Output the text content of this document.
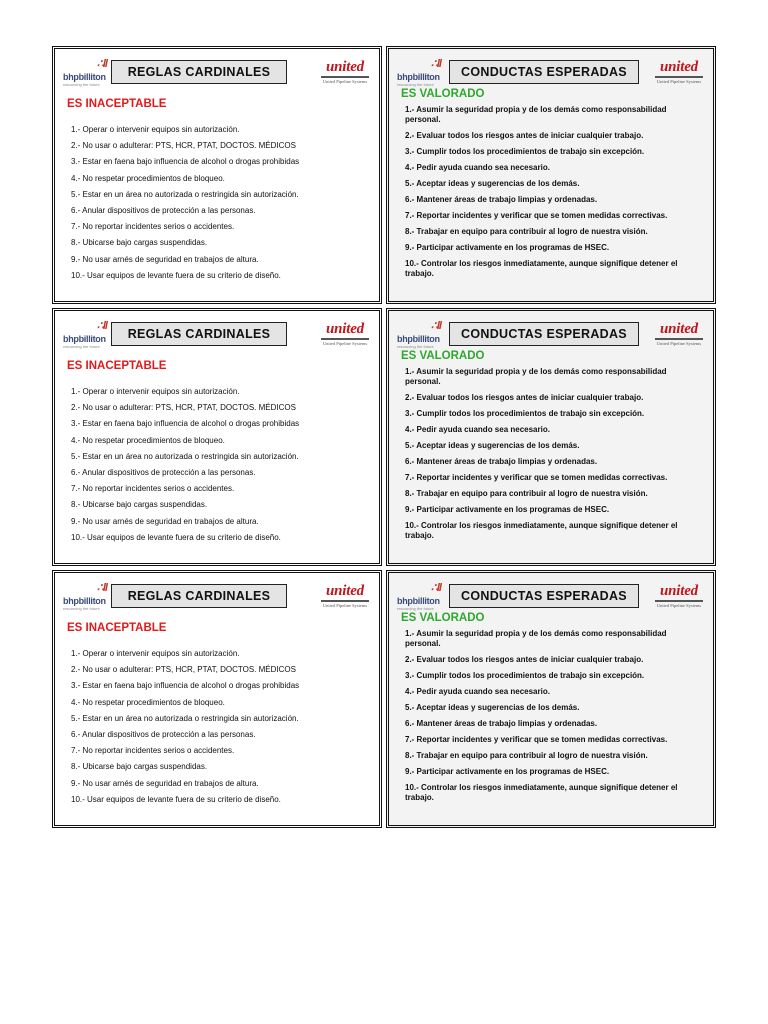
∴ll
bhpbilliton
resourcing the future
REGLAS CARDINALES	united
United Pipeline Systems
ES INACEPTABLE
1.- Operar o intervenir equipos sin autorización.
2.- No usar o adulterar: PTS, HCR, PTAT, DOCTOS. MÉDICOS
3.- Estar en faena bajo influencia de alcohol o drogas prohibidas
4.- No respetar procedimientos de bloqueo.
5.- Estar en un área no autorizada o restringida sin autorización.
6.- Anular dispositivos de protección a las personas.
7.- No reportar incidentes serios o accidentes.
8.- Ubicarse bajo cargas suspendidas.
9.- No usar arnés de seguridad en trabajos de altura.
10.- Usar equipos de levante fuera de su criterio de diseño.
∴ll
bhpbilliton
resourcing the future
CONDUCTAS ESPERADAS	united
United Pipeline Systems
ES VALORADO
1.- Asumir la seguridad propia y de los demás como responsabilidad personal.
2.- Evaluar todos los riesgos antes de iniciar cualquier trabajo.
3.- Cumplir todos los procedimientos de trabajo sin excepción.
4.- Pedir ayuda cuando sea necesario.
5.- Aceptar ideas y sugerencias de los demás.
6.- Mantener áreas de trabajo limpias y ordenadas.
7.- Reportar incidentes y verificar que se tomen medidas correctivas.
8.- Trabajar en equipo para contribuir al logro de nuestra visión.
9.- Participar activamente en los programas de HSEC.
10.- Controlar los riesgos inmediatamente, aunque signifique detener el trabajo.
∴ll
bhpbilliton
resourcing the future
REGLAS CARDINALES	united
United Pipeline Systems
ES INACEPTABLE
1.- Operar o intervenir equipos sin autorización.
2.- No usar o adulterar: PTS, HCR, PTAT, DOCTOS. MÉDICOS
3.- Estar en faena bajo influencia de alcohol o drogas prohibidas
4.- No respetar procedimientos de bloqueo.
5.- Estar en un área no autorizada o restringida sin autorización.
6.- Anular dispositivos de protección a las personas.
7.- No reportar incidentes serios o accidentes.
8.- Ubicarse bajo cargas suspendidas.
9.- No usar arnés de seguridad en trabajos de altura.
10.- Usar equipos de levante fuera de su criterio de diseño.
∴ll
bhpbilliton
resourcing the future
CONDUCTAS ESPERADAS	united
United Pipeline Systems
ES VALORADO
1.- Asumir la seguridad propia y de los demás como responsabilidad personal.
2.- Evaluar todos los riesgos antes de iniciar cualquier trabajo.
3.- Cumplir todos los procedimientos de trabajo sin excepción.
4.- Pedir ayuda cuando sea necesario.
5.- Aceptar ideas y sugerencias de los demás.
6.- Mantener áreas de trabajo limpias y ordenadas.
7.- Reportar incidentes y verificar que se tomen medidas correctivas.
8.- Trabajar en equipo para contribuir al logro de nuestra visión.
9.- Participar activamente en los programas de HSEC.
10.- Controlar los riesgos inmediatamente, aunque signifique detener el trabajo.
∴ll
bhpbilliton
resourcing the future
REGLAS CARDINALES	united
United Pipeline Systems
ES INACEPTABLE
1.- Operar o intervenir equipos sin autorización.
2.- No usar o adulterar: PTS, HCR, PTAT, DOCTOS. MÉDICOS
3.- Estar en faena bajo influencia de alcohol o drogas prohibidas
4.- No respetar procedimientos de bloqueo.
5.- Estar en un área no autorizada o restringida sin autorización.
6.- Anular dispositivos de protección a las personas.
7.- No reportar incidentes serios o accidentes.
8.- Ubicarse bajo cargas suspendidas.
9.- No usar arnés de seguridad en trabajos de altura.
10.- Usar equipos de levante fuera de su criterio de diseño.
∴ll
bhpbilliton
resourcing the future
CONDUCTAS ESPERADAS	united
United Pipeline Systems
ES VALORADO
1.- Asumir la seguridad propia y de los demás como responsabilidad personal.
2.- Evaluar todos los riesgos antes de iniciar cualquier trabajo.
3.- Cumplir todos los procedimientos de trabajo sin excepción.
4.- Pedir ayuda cuando sea necesario.
5.- Aceptar ideas y sugerencias de los demás.
6.- Mantener áreas de trabajo limpias y ordenadas.
7.- Reportar incidentes y verificar que se tomen medidas correctivas.
8.- Trabajar en equipo para contribuir al logro de nuestra visión.
9.- Participar activamente en los programas de HSEC.
10.- Controlar los riesgos inmediatamente, aunque signifique detener el trabajo.
